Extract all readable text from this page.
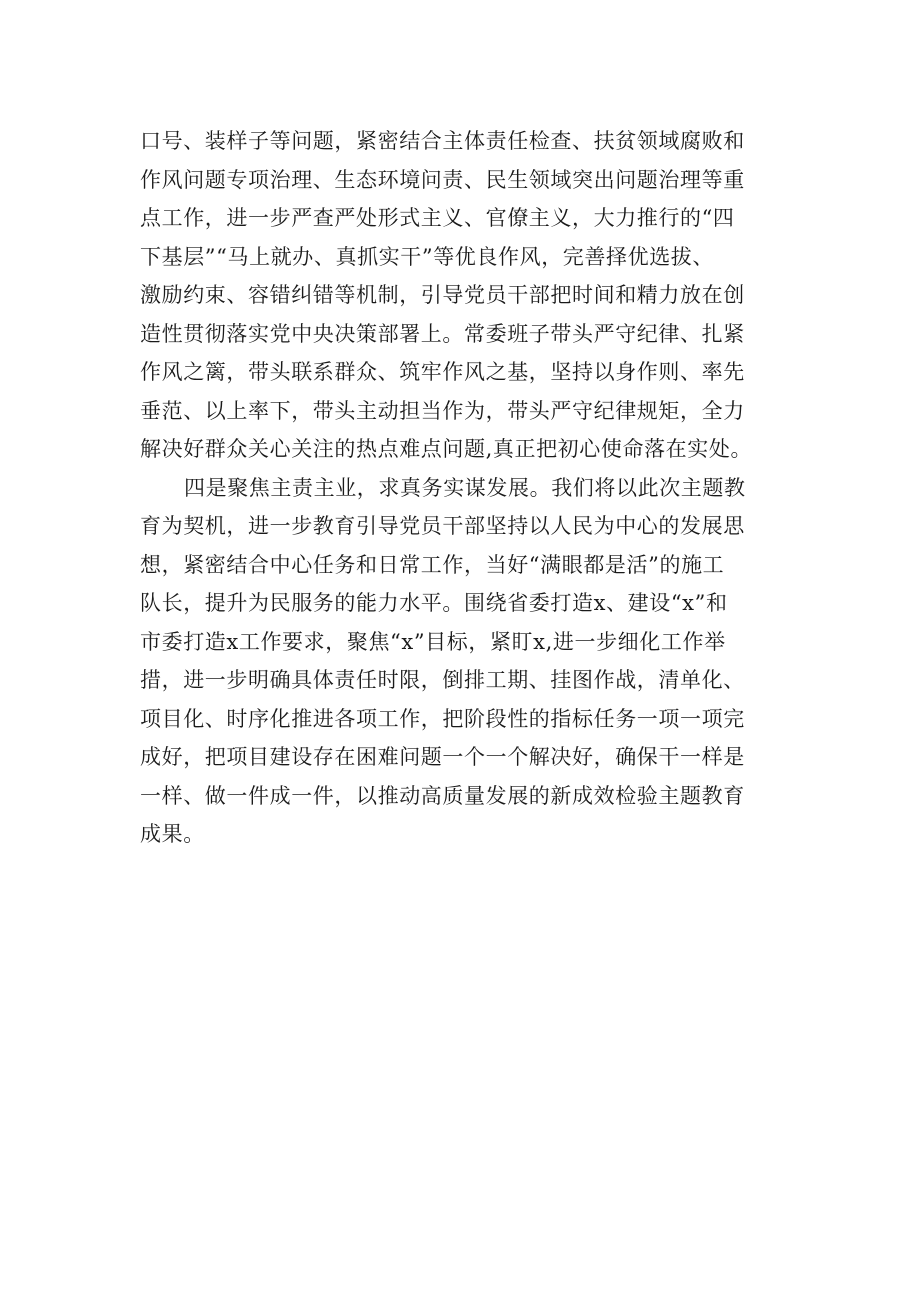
口号、装样子等问题，紧密结合主体责任检查、扶贫领域腐败和
作风问题专项治理、生态环境问责、民生领域突出问题治理等重
点工作，进一步严查严处形式主义、官僚主义，大力推行的“四
下基层”“马上就办、真抓实干”等优良作风，完善择优选拔、
激励约束、容错纠错等机制，引导党员干部把时间和精力放在创
造性贯彻落实党中央决策部署上。常委班子带头严守纪律、扎紧
作风之篱，带头联系群众、筑牢作风之基，坚持以身作则、率先
垂范、以上率下，带头主动担当作为，带头严守纪律规矩，全力
解决好群众关心关注的热点难点问题,真正把初心使命落在实处。
四是聚焦主责主业，求真务实谋发展。我们将以此次主题教
育为契机，进一步教育引导党员干部坚持以人民为中心的发展思
想，紧密结合中心任务和日常工作，当好“满眼都是活”的施工
队长，提升为民服务的能力水平。围绕省委打造x、建设“x”和
市委打造x工作要求，聚焦“x”目标，紧盯x,进一步细化工作举
措，进一步明确具体责任时限，倒排工期、挂图作战，清单化、
项目化、时序化推进各项工作，把阶段性的指标任务一项一项完
成好，把项目建设存在困难问题一个一个解决好，确保干一样是
一样、做一件成一件，以推动高质量发展的新成效检验主题教育
成果。
